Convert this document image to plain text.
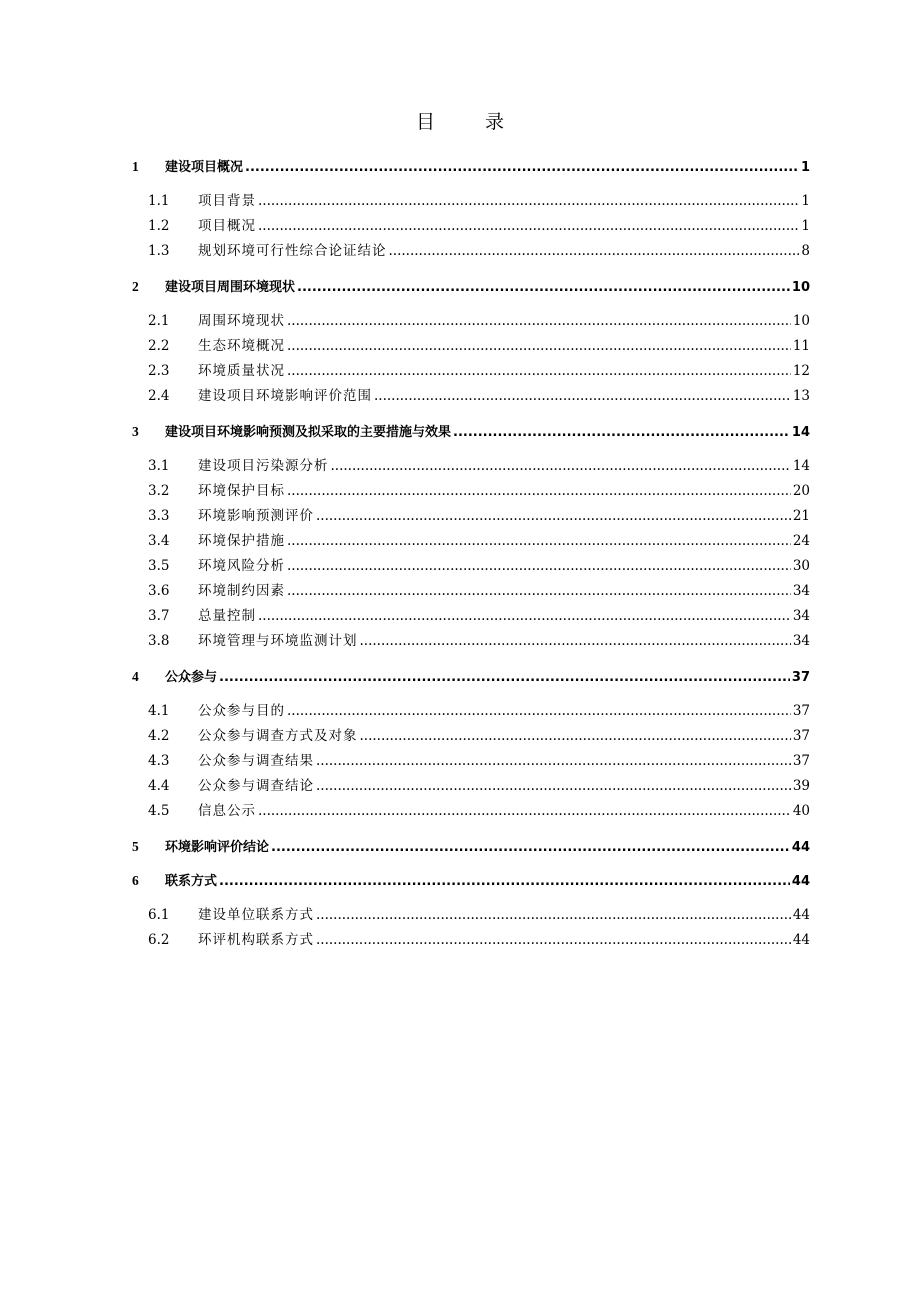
目 录
1	建设项目概况 .....	1
1.1	项目背景 .....	1
1.2	项目概况 .....	1
1.3	规划环境可行性综合论证结论 .....	8
2	建设项目周围环境现状 .....	10
2.1	周围环境现状 .....	10
2.2	生态环境概况 .....	11
2.3	环境质量状况 .....	12
2.4	建设项目环境影响评价范围 .....	13
3	建设项目环境影响预测及拟采取的主要措施与效果 .....	14
3.1	建设项目污染源分析 .....	14
3.2	环境保护目标 .....	20
3.3	环境影响预测评价 .....	21
3.4	环境保护措施 .....	24
3.5	环境风险分析 .....	30
3.6	环境制约因素 .....	34
3.7	总量控制 .....	34
3.8	环境管理与环境监测计划 .....	34
4	公众参与 .....	37
4.1	公众参与目的 .....	37
4.2	公众参与调查方式及对象 .....	37
4.3	公众参与调查结果 .....	37
4.4	公众参与调查结论 .....	39
4.5	信息公示 .....	40
5	环境影响评价结论 .....	44
6	联系方式 .....	44
6.1	建设单位联系方式 .....	44
6.2	环评机构联系方式 .....	44
